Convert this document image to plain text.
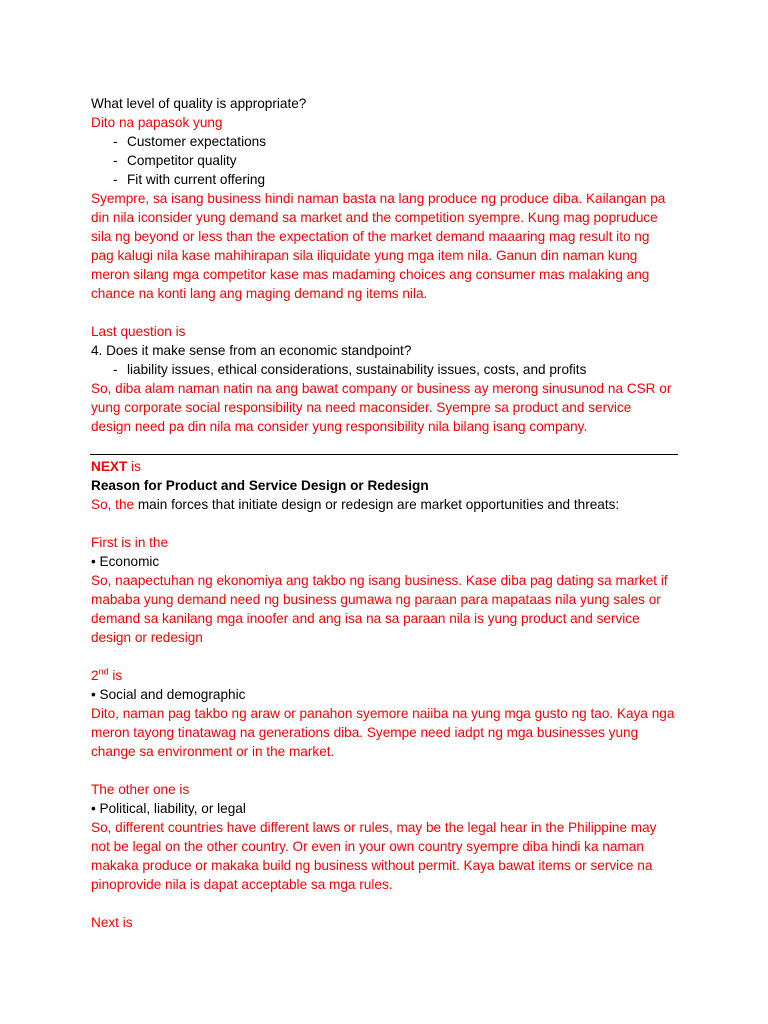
What level of quality is appropriate?
Dito na papasok yung
- Customer expectations
- Competitor quality
- Fit with current offering
Syempre, sa isang business hindi naman basta na lang produce ng produce diba. Kailangan pa
din nila iconsider yung demand sa market and the competition syempre. Kung mag popruduce
sila ng beyond or less than the expectation of the market demand maaaring mag result ito ng
pag kalugi nila kase mahihirapan sila iliquidate yung mga item nila. Ganun din naman kung
meron silang mga competitor kase mas madaming choices ang consumer mas malaking ang
chance na konti lang ang maging demand ng items nila.
Last question is
4. Does it make sense from an economic standpoint?
- liability issues, ethical considerations, sustainability issues, costs, and profits
So, diba alam naman natin na ang bawat company or business ay merong sinusunod na CSR or
yung corporate social responsibility na need maconsider. Syempre sa product and service
design need pa din nila ma consider yung responsibility nila bilang isang company.
NEXT is
Reason for Product and Service Design or Redesign
So, the main forces that initiate design or redesign are market opportunities and threats:
First is in the
• Economic
So, naapectuhan ng ekonomiya ang takbo ng isang business. Kase diba pag dating sa market if
mababa yung demand need ng business gumawa ng paraan para mapataas nila yung sales or
demand sa kanilang mga inoofer and ang isa na sa paraan nila is yung product and service
design or redesign
2nd is
• Social and demographic
Dito, naman pag takbo ng araw or panahon syemore naiiba na yung mga gusto ng tao. Kaya nga
meron tayong tinatawag na generations diba. Syempe need iadpt ng mga businesses yung
change sa environment or in the market.
The other one is
• Political, liability, or legal
So, different countries have different laws or rules, may be the legal hear in the Philippine may
not be legal on the other country. Or even in your own country syempre diba hindi ka naman
makaka produce or makaka build ng business without permit. Kaya bawat items or service na
pinoprovide nila is dapat acceptable sa mga rules.
Next is
